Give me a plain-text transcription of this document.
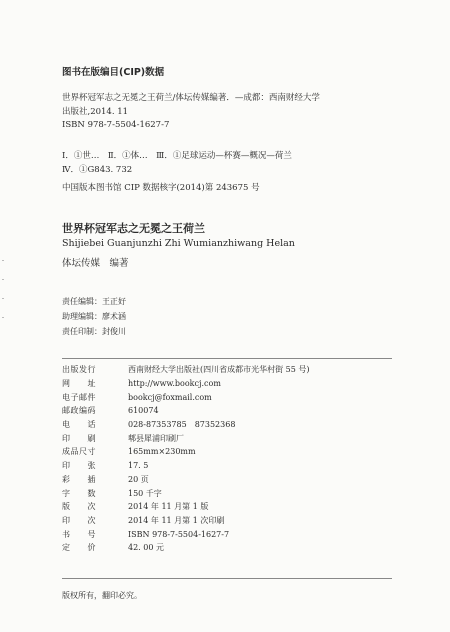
图书在版编目(CIP)数据
世界杯冠军志之无冕之王荷兰/体坛传媒编著．—成都：西南财经大学
出版社,2014. 11
ISBN 978-7-5504-1627-7
Ⅰ．①世…　Ⅱ．①体…　Ⅲ．①足球运动—杯赛—概况—荷兰
Ⅳ．①G843. 732
中国版本图书馆 CIP 数据核字(2014)第 243675 号
世界杯冠军志之无冕之王荷兰
Shijiebei Guanjunzhi Zhi Wumianzhiwang Helan
体坛传媒　编著
责任编辑：王正好
助理编辑：廖术涵
责任印制：封俊川
出版发行	西南财经大学出版社(四川省成都市光华村街 55 号)
网　　址	http://www.bookcj.com
电子邮件	bookcj@foxmail.com
邮政编码	610074
电　　话	028-87353785　87352368
印　　刷	郫县犀浦印刷厂
成品尺寸	165mm×230mm
印　　张	17. 5
彩　　插	20 页
字　　数	150 千字
版　　次	2014 年 11 月第 1 版
印　　次	2014 年 11 月第 1 次印刷
书　　号	ISBN 978-7-5504-1627-7
定　　价	42. 00 元
版权所有，翻印必究。
